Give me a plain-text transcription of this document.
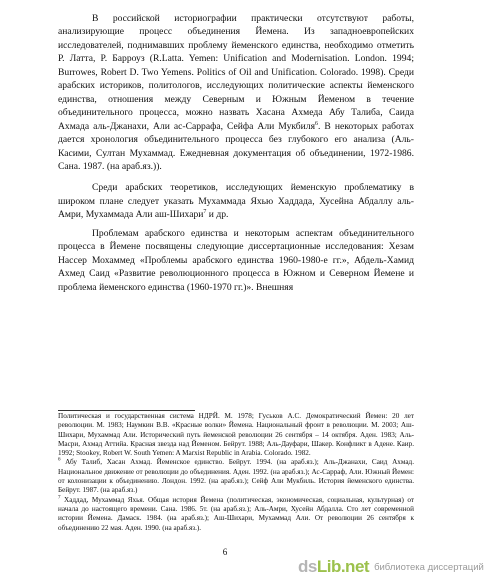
В российской историографии практически отсутствуют работы, анализирующие процесс объединения Йемена. Из западноевропейских исследователей, поднимавших проблему йеменского единства, необходимо отметить Р. Латта, Р. Барроуз (R.Latta. Yemen: Unification and Modernisation. London. 1994; Burrowes, Robert D. Two Yemens. Politics of Oil and Unification. Colorado. 1998). Среди арабских историков, политологов, исследующих политические аспекты йеменского единства, отношения между Северным и Южным Йеменом в течение объединительного процесса, можно назвать Хасана Ахмеда Абу Талиба, Саида Ахмада аль-Джанахи, Али ас-Саррафа, Сейфа Али Мукбиля$^6$. В некоторых работах дается хронология объединительного процесса без глубокого его анализа (Аль-Касими, Султан Мухаммад. Ежедневная документация об объединении, 1972-1986. Сана. 1987. (на араб.яз.)).

Среди арабских теоретиков, исследующих йеменскую проблематику в широком плане следует указать Мухаммада Яхью Хаддада, Хусейна Абдаллу аль-Амри, Мухаммада Али аш-Шихари$^7$ и др.

Проблемам арабского единства и некоторым аспектам объединительного процесса в Йемене посвящены следующие диссертационные исследования: Хезам Нассер Мохаммед «Проблемы арабского единства 1960-1980-е гг.», Абдель-Хамид Ахмед Саид «Развитие революционного процесса в Южном и Северном Йемене и проблема йеменского единства (1960-1970 гг.)». Внешняя

Политическая и государственная система НДРЙ. М. 1978; Гуськов А.С. Демократический Йемен: 20 лет революции. М. 1983; Наумкин В.В. «Красные волки» Йемена. Национальный фронт в революции. М. 2003; Аш-Шихари, Мухаммад Али. Исторический путь йеменской революции 26 сентября – 14 октября. Аден. 1983; Аль-Масри, Ахмад Аттийа. Красная звезда над Йеменом. Бейрут. 1988; Аль-Дауфари, Шакер. Конфликт в Адене. Каир. 1992; Stookey, Robert W. South Yemen: A Marxist Republic in Arabia. Colorado. 1982.

$^6$ Абу Талиб, Хасан Ахмад. Йеменское единство. Бейрут. 1994. (на араб.яз.); Аль-Джанахи, Саид Ахмад. Национальное движение от революции до объединения. Аден. 1992. (на араб.яз.); Ас-Сарраф, Али. Южный Йемен: от колонизации к объединению. Лондон. 1992. (на араб.яз.); Сейф Али Мукбиль. История йеменского единства. Бейрут. 1987. (на араб.яз.)

$^7$ Хаддад, Мухаммад Яхья. Общая история Йемена (политическая, экономическая, социальная, культурная) от начала до настоящего времени. Сана. 1986. 5т. (на араб.яз.); Аль-Амри, Хусейн Абдалла. Сто лет современной истории Йемена. Дамаск. 1984. (на араб.яз.); Аш-Шихари, Мухаммад Али. От революции 26 сентября к объединению 22 мая. Аден. 1990. (на араб.яз.).

6
dsLib.net библиотека диссертаций
